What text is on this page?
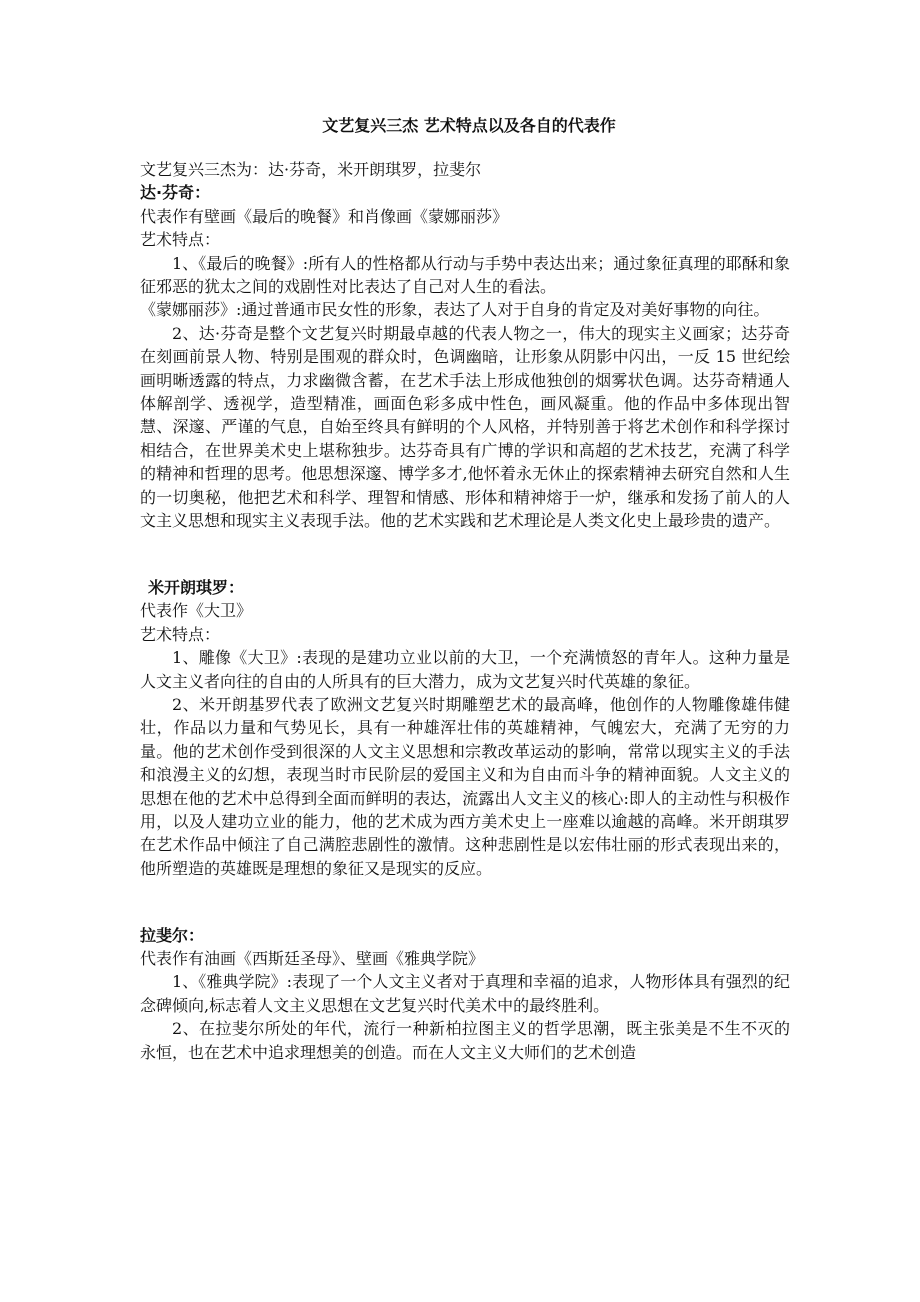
文艺复兴三杰 艺术特点以及各自的代表作

文艺复兴三杰为：达·芬奇，米开朗琪罗，拉斐尔

达·芬奇：

代表作有壁画《最后的晚餐》和肖像画《蒙娜丽莎》

艺术特点：

1、《最后的晚餐》:所有人的性格都从行动与手势中表达出来；通过象征真理的耶酥和象征邪恶的犹太之间的戏剧性对比表达了自己对人生的看法。

《蒙娜丽莎》:通过普通市民女性的形象，表达了人对于自身的肯定及对美好事物的向往。

2、达·芬奇是整个文艺复兴时期最卓越的代表人物之一，伟大的现实主义画家；达芬奇在刻画前景人物、特别是围观的群众时，色调幽暗，让形象从阴影中闪出，一反 15 世纪绘画明晰透露的特点，力求幽微含蓄，在艺术手法上形成他独创的烟雾状色调。达芬奇精通人体解剖学、透视学，造型精准，画面色彩多成中性色，画风凝重。他的作品中多体现出智慧、深邃、严谨的气息，自始至终具有鲜明的个人风格，并特别善于将艺术创作和科学探讨相结合，在世界美术史上堪称独步。达芬奇具有广博的学识和高超的艺术技艺，充满了科学的精神和哲理的思考。他思想深邃、博学多才,他怀着永无休止的探索精神去研究自然和人生的一切奥秘，他把艺术和科学、理智和情感、形体和精神熔于一炉，继承和发扬了前人的人文主义思想和现实主义表现手法。他的艺术实践和艺术理论是人类文化史上最珍贵的遗产。

米开朗琪罗：

代表作《大卫》

艺术特点：

1、雕像《大卫》:表现的是建功立业以前的大卫，一个充满愤怒的青年人。这种力量是人文主义者向往的自由的人所具有的巨大潜力，成为文艺复兴时代英雄的象征。

2、米开朗基罗代表了欧洲文艺复兴时期雕塑艺术的最高峰，他创作的人物雕像雄伟健壮，作品以力量和气势见长，具有一种雄浑壮伟的英雄精神，气魄宏大，充满了无穷的力量。他的艺术创作受到很深的人文主义思想和宗教改革运动的影响，常常以现实主义的手法和浪漫主义的幻想，表现当时市民阶层的爱国主义和为自由而斗争的精神面貌。人文主义的思想在他的艺术中总得到全面而鲜明的表达，流露出人文主义的核心:即人的主动性与积极作用，以及人建功立业的能力，他的艺术成为西方美术史上一座难以逾越的高峰。米开朗琪罗在艺术作品中倾注了自己满腔悲剧性的激情。这种悲剧性是以宏伟壮丽的形式表现出来的，他所塑造的英雄既是理想的象征又是现实的反应。

拉斐尔：

代表作有油画《西斯廷圣母》、壁画《雅典学院》

1、《雅典学院》:表现了一个人文主义者对于真理和幸福的追求，人物形体具有强烈的纪念碑倾向,标志着人文主义思想在文艺复兴时代美术中的最终胜利。

2、在拉斐尔所处的年代，流行一种新柏拉图主义的哲学思潮，既主张美是不生不灭的永恒，也在艺术中追求理想美的创造。而在人文主义大师们的艺术创造
